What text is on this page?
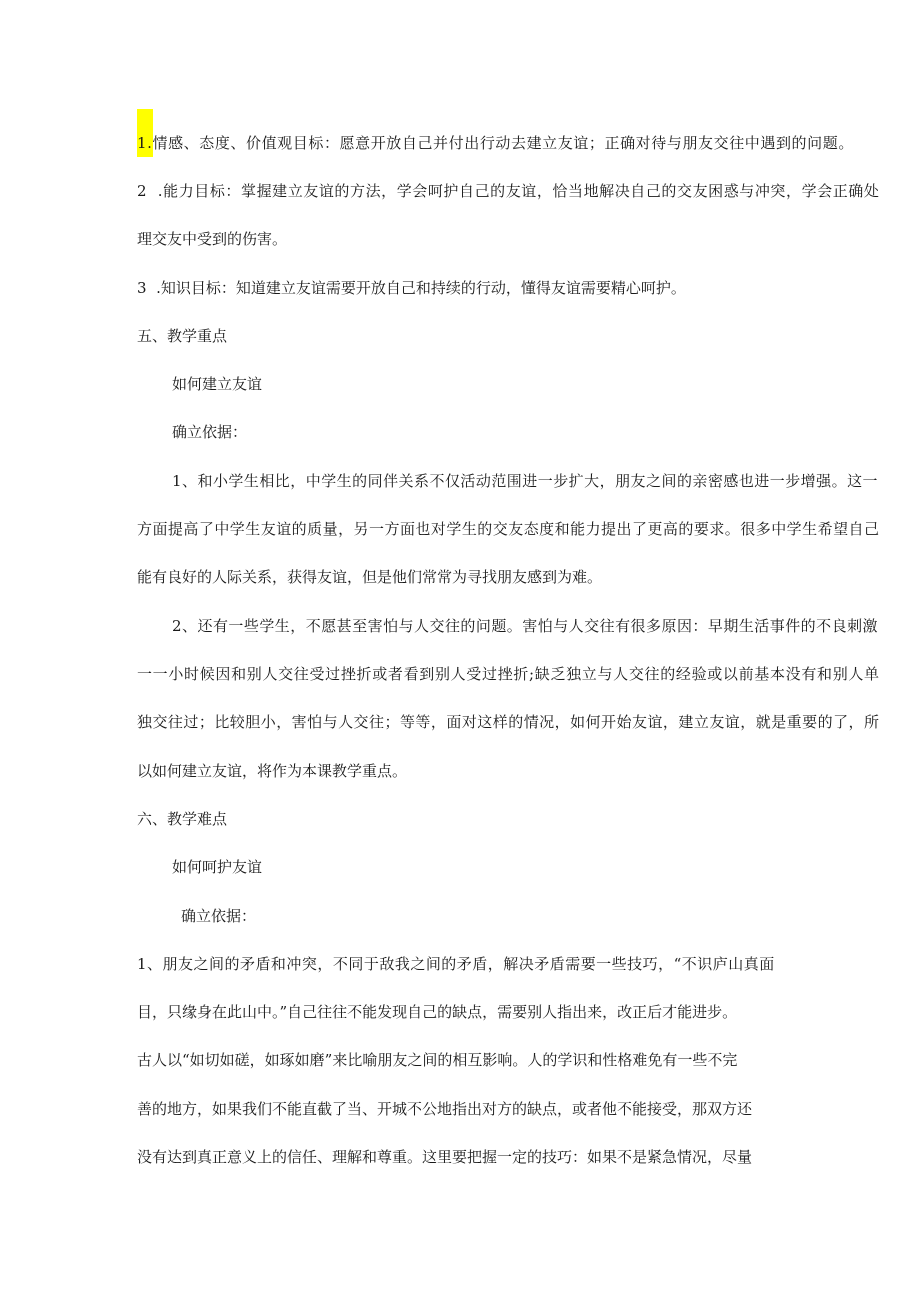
1.情感、态度、价值观目标：愿意开放自己并付出行动去建立友谊；正确对待与朋友交往中遇到的问题。
2  .能力目标：掌握建立友谊的方法，学会呵护自己的友谊，恰当地解决自己的交友困惑与冲突，学会正确处
理交友中受到的伤害。
3  .知识目标：知道建立友谊需要开放自己和持续的行动，懂得友谊需要精心呵护。
五、教学重点
如何建立友谊
确立依据：
1、和小学生相比，中学生的同伴关系不仅活动范围进一步扩大，朋友之间的亲密感也进一步增强。这一
方面提高了中学生友谊的质量，另一方面也对学生的交友态度和能力提出了更高的要求。很多中学生希望自己
能有良好的人际关系，获得友谊，但是他们常常为寻找朋友感到为难。
2、还有一些学生，不愿甚至害怕与人交往的问题。害怕与人交往有很多原因：早期生活事件的不良刺激
一一小时候因和别人交往受过挫折或者看到别人受过挫折;缺乏独立与人交往的经验或以前基本没有和别人单
独交往过；比较胆小，害怕与人交往；等等，面对这样的情况，如何开始友谊，建立友谊，就是重要的了，所
以如何建立友谊，将作为本课教学重点。
六、教学难点
如何呵护友谊
确立依据：
1、朋友之间的矛盾和冲突，不同于敌我之间的矛盾，解决矛盾需要一些技巧，“不识庐山真面
目，只缘身在此山中。”自己往往不能发现自己的缺点，需要别人指出来，改正后才能进步。
古人以“如切如磋，如琢如磨”来比喻朋友之间的相互影响。人的学识和性格难免有一些不完
善的地方，如果我们不能直截了当、开城不公地指出对方的缺点，或者他不能接受，那双方还
没有达到真正意义上的信任、理解和尊重。这里要把握一定的技巧：如果不是紧急情况，尽量
